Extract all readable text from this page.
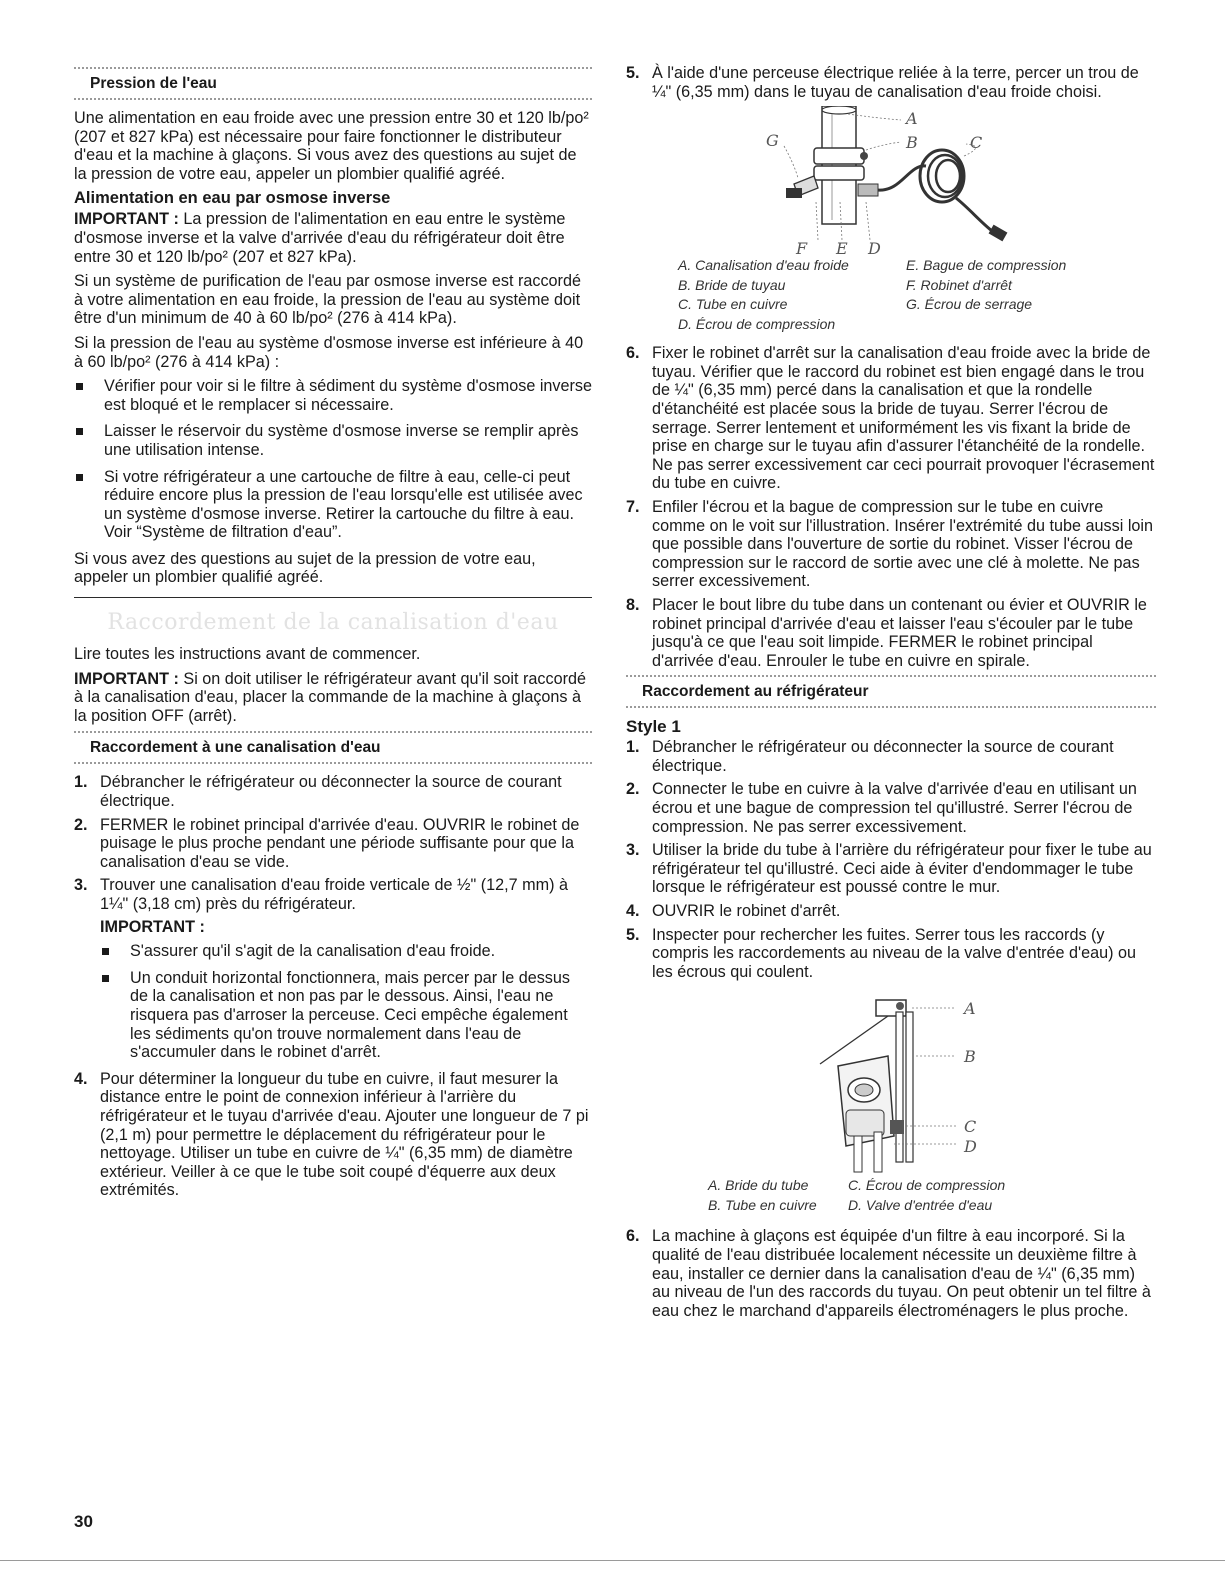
Pression de l'eau

Une alimentation en eau froide avec une pression entre 30 et 120 lb/po² (207 et 827 kPa) est nécessaire pour faire fonctionner le distributeur d'eau et la machine à glaçons. Si vous avez des questions au sujet de la pression de votre eau, appeler un plombier qualifié agréé.

Alimentation en eau par osmose inverse

IMPORTANT : La pression de l'alimentation en eau entre le système d'osmose inverse et la valve d'arrivée d'eau du réfrigérateur doit être entre 30 et 120 lb/po² (207 et 827 kPa).

Si un système de purification de l'eau par osmose inverse est raccordé à votre alimentation en eau froide, la pression de l'eau au système doit être d'un minimum de 40 à 60 lb/po² (276 à 414 kPa).

Si la pression de l'eau au système d'osmose inverse est inférieure à 40 à 60 lb/po² (276 à 414 kPa) :

Vérifier pour voir si le filtre à sédiment du système d'osmose inverse est bloqué et le remplacer si nécessaire.
Laisser le réservoir du système d'osmose inverse se remplir après une utilisation intense.
Si votre réfrigérateur a une cartouche de filtre à eau, celle-ci peut réduire encore plus la pression de l'eau lorsqu'elle est utilisée avec un système d'osmose inverse. Retirer la cartouche du filtre à eau. Voir “Système de filtration d'eau”.

Si vous avez des questions au sujet de la pression de votre eau, appeler un plombier qualifié agréé.

Raccordement de la canalisation d'eau

Lire toutes les instructions avant de commencer.

IMPORTANT : Si on doit utiliser le réfrigérateur avant qu'il soit raccordé à la canalisation d'eau, placer la commande de la machine à glaçons à la position OFF (arrêt).

Raccordement à une canalisation d'eau
1. Débrancher le réfrigérateur ou déconnecter la source de courant électrique.
2. FERMER le robinet principal d'arrivée d'eau. OUVRIR le robinet de puisage le plus proche pendant une période suffisante pour que la canalisation d'eau se vide.
3. Trouver une canalisation d'eau froide verticale de ½" (12,7 mm) à 1¼" (3,18 cm) près du réfrigérateur.
IMPORTANT :
S'assurer qu'il s'agit de la canalisation d'eau froide.
Un conduit horizontal fonctionnera, mais percer par le dessus de la canalisation et non pas par le dessous. Ainsi, l'eau ne risquera pas d'arroser la perceuse. Ceci empêche également les sédiments qu'on trouve normalement dans l'eau de s'accumuler dans le robinet d'arrêt.
4. Pour déterminer la longueur du tube en cuivre, il faut mesurer la distance entre le point de connexion inférieur à l'arrière du réfrigérateur et le tuyau d'arrivée d'eau. Ajouter une longueur de 7 pi (2,1 m) pour permettre le déplacement du réfrigérateur pour le nettoyage. Utiliser un tube en cuivre de ¼" (6,35 mm) de diamètre extérieur. Veiller à ce que le tube soit coupé d'équerre aux deux extrémités.
5. À l'aide d'une perceuse électrique reliée à la terre, percer un trou de ¼" (6,35 mm) dans le tuyau de canalisation d'eau froide choisi.
A
B	C
G
F E D
A. Canalisation d'eau froide	E. Bague de compression
B. Bride de tuyau	F. Robinet d'arrêt
C. Tube en cuivre	G. Écrou de serrage
D. Écrou de compression
6. Fixer le robinet d'arrêt sur la canalisation d'eau froide avec la bride de tuyau. Vérifier que le raccord du robinet est bien engagé dans le trou de ¼" (6,35 mm) percé dans la canalisation et que la rondelle d'étanchéité est placée sous la bride de tuyau. Serrer l'écrou de serrage. Serrer lentement et uniformément les vis fixant la bride de prise en charge sur le tuyau afin d'assurer l'étanchéité de la rondelle. Ne pas serrer excessivement car ceci pourrait provoquer l'écrasement du tube en cuivre.
7. Enfiler l'écrou et la bague de compression sur le tube en cuivre comme on le voit sur l'illustration. Insérer l'extrémité du tube aussi loin que possible dans l'ouverture de sortie du robinet. Visser l'écrou de compression sur le raccord de sortie avec une clé à molette. Ne pas serrer excessivement.
8. Placer le bout libre du tube dans un contenant ou évier et OUVRIR le robinet principal d'arrivée d'eau et laisser l'eau s'écouler par le tube jusqu'à ce que l'eau soit limpide. FERMER le robinet principal d'arrivée d'eau. Enrouler le tube en cuivre en spirale.
Raccordement au réfrigérateur
Style 1
1. Débrancher le réfrigérateur ou déconnecter la source de courant électrique.
2. Connecter le tube en cuivre à la valve d'arrivée d'eau en utilisant un écrou et une bague de compression tel qu'illustré. Serrer l'écrou de compression. Ne pas serrer excessivement.
3. Utiliser la bride du tube à l'arrière du réfrigérateur pour fixer le tube au réfrigérateur tel qu'illustré. Ceci aide à éviter d'endommager le tube lorsque le réfrigérateur est poussé contre le mur.
4. OUVRIR le robinet d'arrêt.
5. Inspecter pour rechercher les fuites. Serrer tous les raccords (y compris les raccordements au niveau de la valve d'entrée d'eau) ou les écrous qui coulent.
A
B
C
D
A. Bride du tube	C. Écrou de compression
B. Tube en cuivre	D. Valve d'entrée d'eau
6. La machine à glaçons est équipée d'un filtre à eau incorporé. Si la qualité de l'eau distribuée localement nécessite un deuxième filtre à eau, installer ce dernier dans la canalisation d'eau de ¼" (6,35 mm) au niveau de l'un des raccords du tuyau. On peut obtenir un tel filtre à eau chez le marchand d'appareils électroménagers le plus proche.
30
